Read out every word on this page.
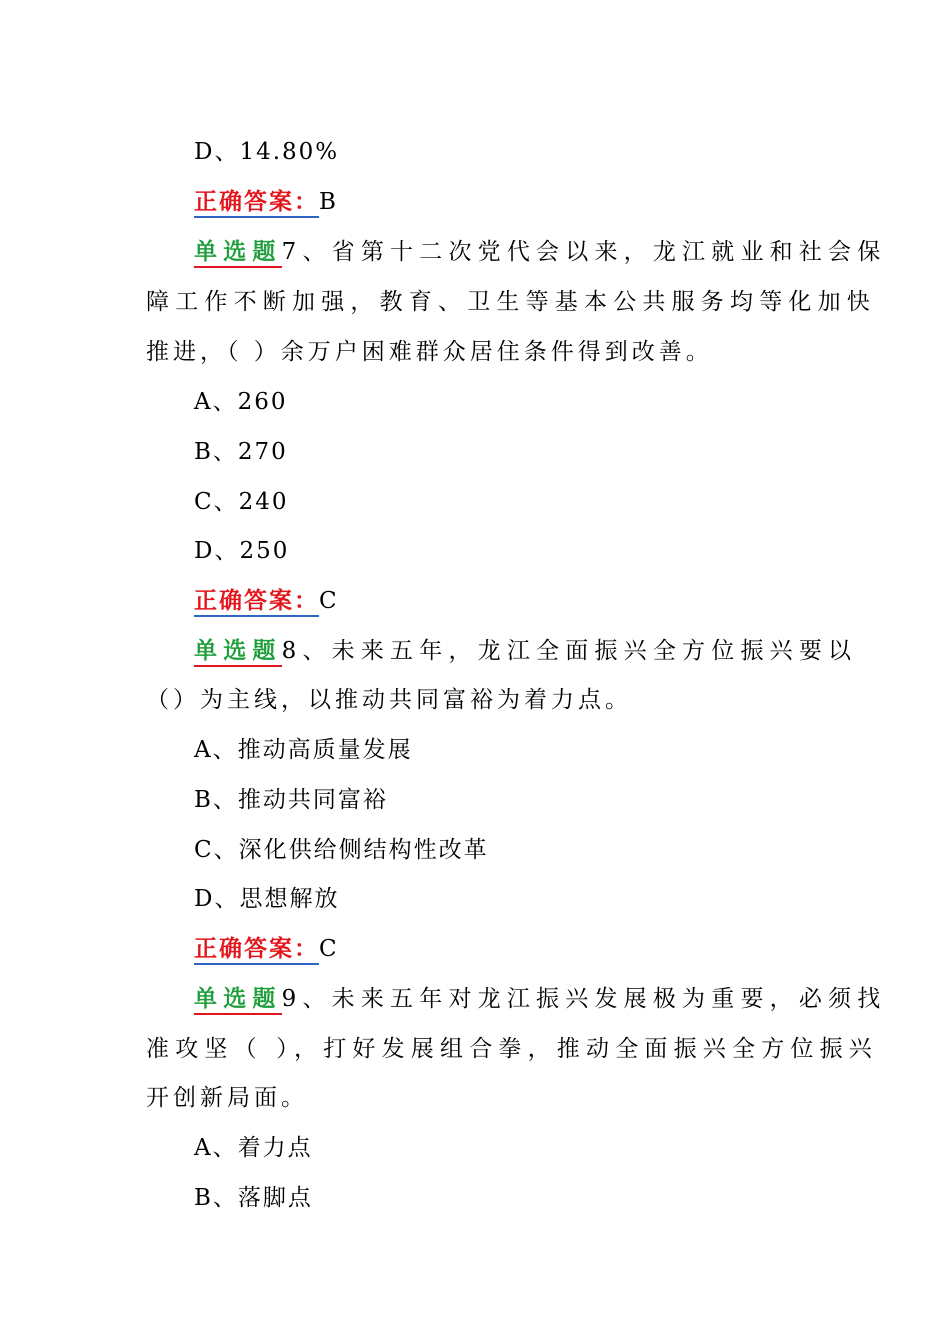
D、14.80%
正确答案：B
单选题7、省第十二次党代会以来，龙江就业和社会保
障工作不断加强，教育、卫生等基本公共服务均等化加快
推进，（ ）余万户困难群众居住条件得到改善。
A、260
B、270
C、240
D、250
正确答案：C
单选题8、未来五年，龙江全面振兴全方位振兴要以
（）为主线，以推动共同富裕为着力点。
A、推动高质量发展
B、推动共同富裕
C、深化供给侧结构性改革
D、思想解放
正确答案：C
单选题9、未来五年对龙江振兴发展极为重要，必须找
准攻坚（ ），打好发展组合拳，推动全面振兴全方位振兴
开创新局面。
A、着力点
B、落脚点
